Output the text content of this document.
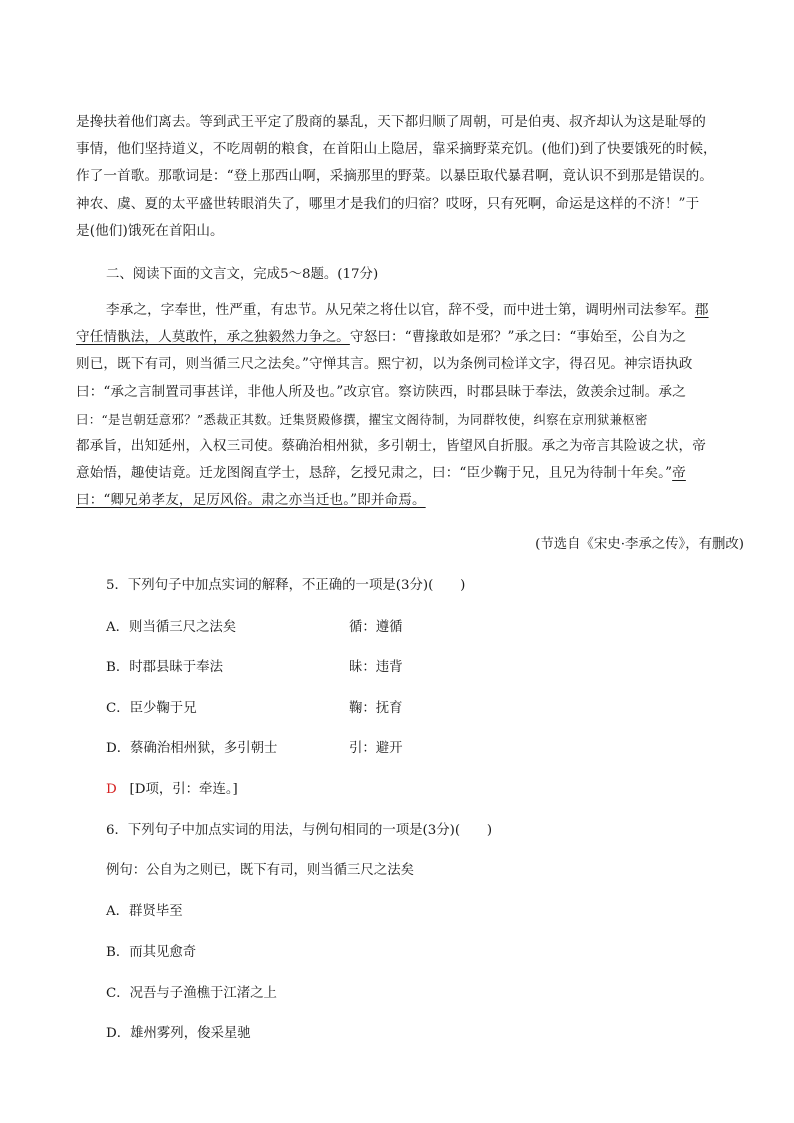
是搀扶着他们离去。等到武王平定了殷商的暴乱，天下都归顺了周朝，可是伯夷、叔齐却认为这是耻辱的

事情，他们坚持道义，不吃周朝的粮食，在首阳山上隐居，靠采摘野菜充饥。(他们)到了快要饿死的时候，

作了一首歌。那歌词是：“登上那西山啊，采摘那里的野菜。以暴臣取代暴君啊，竟认识不到那是错误的。

神农、虞、夏的太平盛世转眼消失了，哪里才是我们的归宿？哎呀，只有死啊，命运是这样的不济！”于

是(他们)饿死在首阳山。

二、阅读下面的文言文，完成5～8题。(17分)

李承之，字奉世，性严重，有忠节。从兄荣之将仕以官，辞不受，而中进士第，调明州司法参军。郡

守任情骫法，人莫敢忤，承之独毅然力争之。守怒曰：“曹掾敢如是邪？”承之曰：“事始至，公自为之

则已，既下有司，则当循三尺之法矣。”守惮其言。熙宁初，以为条例司检详文字，得召见。神宗语执政

曰：“承之言制置司事甚详，非他人所及也。”改京官。察访陕西，时郡县昧于奉法，敛羡余过制。承之

曰：“是岂朝廷意邪？”悉裁正其数。迁集贤殿修撰，擢宝文阁待制，为同群牧使，纠察在京刑狱兼枢密

都承旨，出知延州，入权三司使。蔡确治相州狱，多引朝士，皆望风自折服。承之为帝言其险诐之状，帝

意始悟，趣使诘竟。迁龙图阁直学士，恳辞，乞授兄肃之，曰：“臣少鞠于兄，且兄为待制十年矣。”帝

曰：“卿兄弟孝友，足厉风俗。肃之亦当迁也。”即并命焉。

(节选自《宋史·李承之传》，有删改)
5．下列句子中加点实词的解释，不正确的一项是(3分)(　　)
A．则当循三尺之法矣	循：遵循
B．时郡县昧于奉法	昧：违背
C．臣少鞠于兄	鞠：抚育
D．蔡确治相州狱，多引朝士	引：避开
D [D项，引：牵连。]
6．下列句子中加点实词的用法，与例句相同的一项是(3分)(　　)
例句：公自为之则已，既下有司，则当循三尺之法矣
A．群贤毕至
B．而其见愈奇
C．况吾与子渔樵于江渚之上
D．雄州雾列，俊采星驰
